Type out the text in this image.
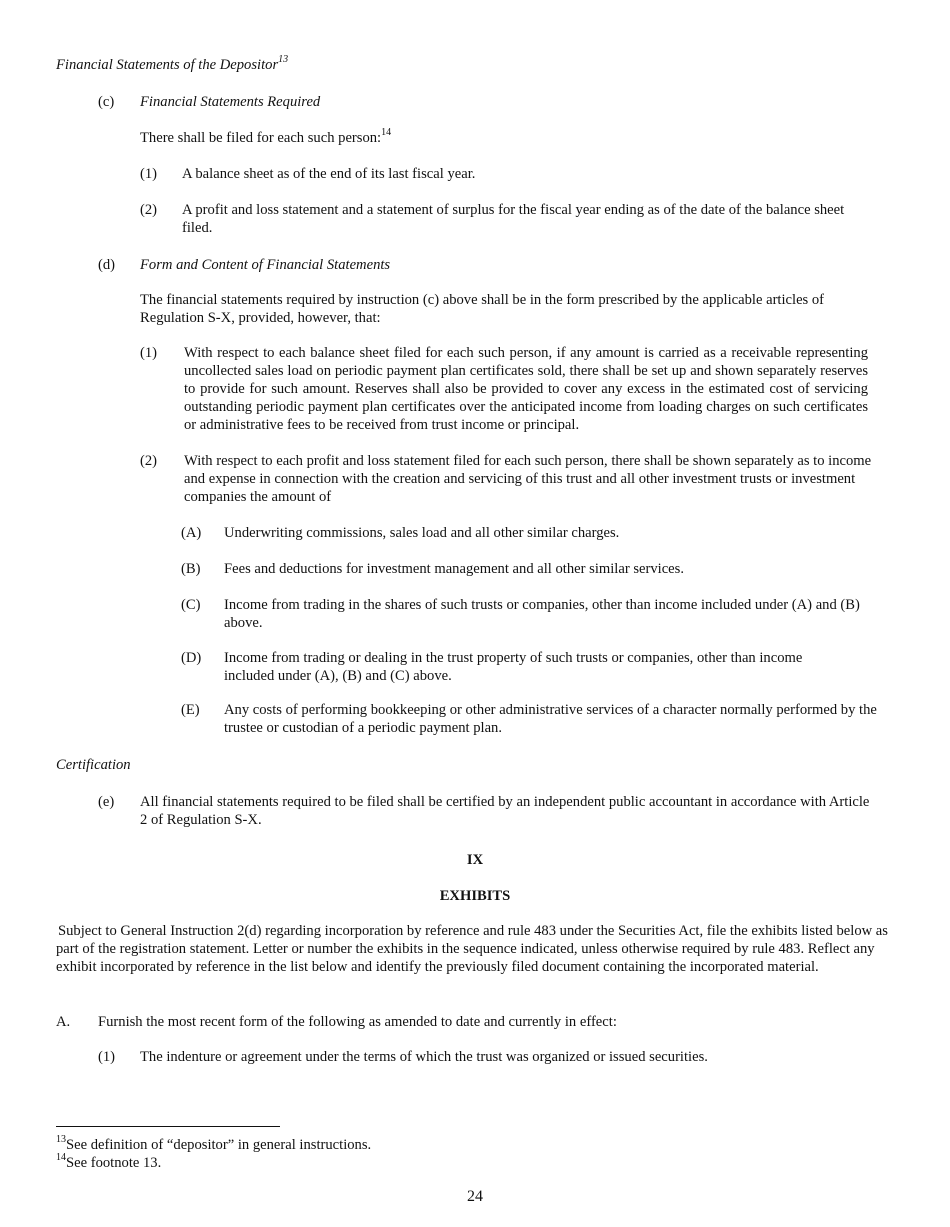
Financial Statements of the Depositor$^{13}$
(c) Financial Statements Required
There shall be filed for each such person:$^{14}$
(1) A balance sheet as of the end of its last fiscal year.
(2) A profit and loss statement and a statement of surplus for the fiscal year ending as of the date of the balance sheet
filed.
(d) Form and Content of Financial Statements
The financial statements required by instruction (c) above shall be in the form prescribed by the applicable articles of Regulation S-X, provided, however, that:
(1) With respect to each balance sheet filed for each such person, if any amount is carried as a receivable representing uncollected sales load on periodic payment plan certificates sold, there shall be set up and shown separately reserves to provide for such amount. Reserves shall also be provided to cover any excess in the estimated cost of servicing outstanding periodic payment plan certificates over the anticipated income from loading charges on such certificates or administrative fees to be received from trust income or principal.
(2) With respect to each profit and loss statement filed for each such person, there shall be shown separately as to income and expense in connection with the creation and servicing of this trust and all other investment trusts or investment companies the amount of
(A) Underwriting commissions, sales load and all other similar charges.
(B) Fees and deductions for investment management and all other similar services.
(C) Income from trading in the shares of such trusts or companies, other than income included under (A) and (B) above.
(D) Income from trading or dealing in the trust property of such trusts or companies, other than income included under (A), (B) and (C) above.
(E) Any costs of performing bookkeeping or other administrative services of a character normally performed by the trustee or custodian of a periodic payment plan.
Certification
(e) All financial statements required to be filed shall be certified by an independent public accountant in accordance with Article 2 of Regulation S-X.
IX
EXHIBITS
Subject to General Instruction 2(d) regarding incorporation by reference and rule 483 under the Securities Act, file the exhibits listed below as part of the registration statement. Letter or number the exhibits in the sequence indicated, unless otherwise required by rule 483. Reflect any exhibit incorporated by reference in the list below and identify the previously filed document containing the incorporated material.
A. Furnish the most recent form of the following as amended to date and currently in effect:
(1) The indenture or agreement under the terms of which the trust was organized or issued securities.
$^{13}$See definition of “depositor” in general instructions.
$^{14}$See footnote 13.
24
